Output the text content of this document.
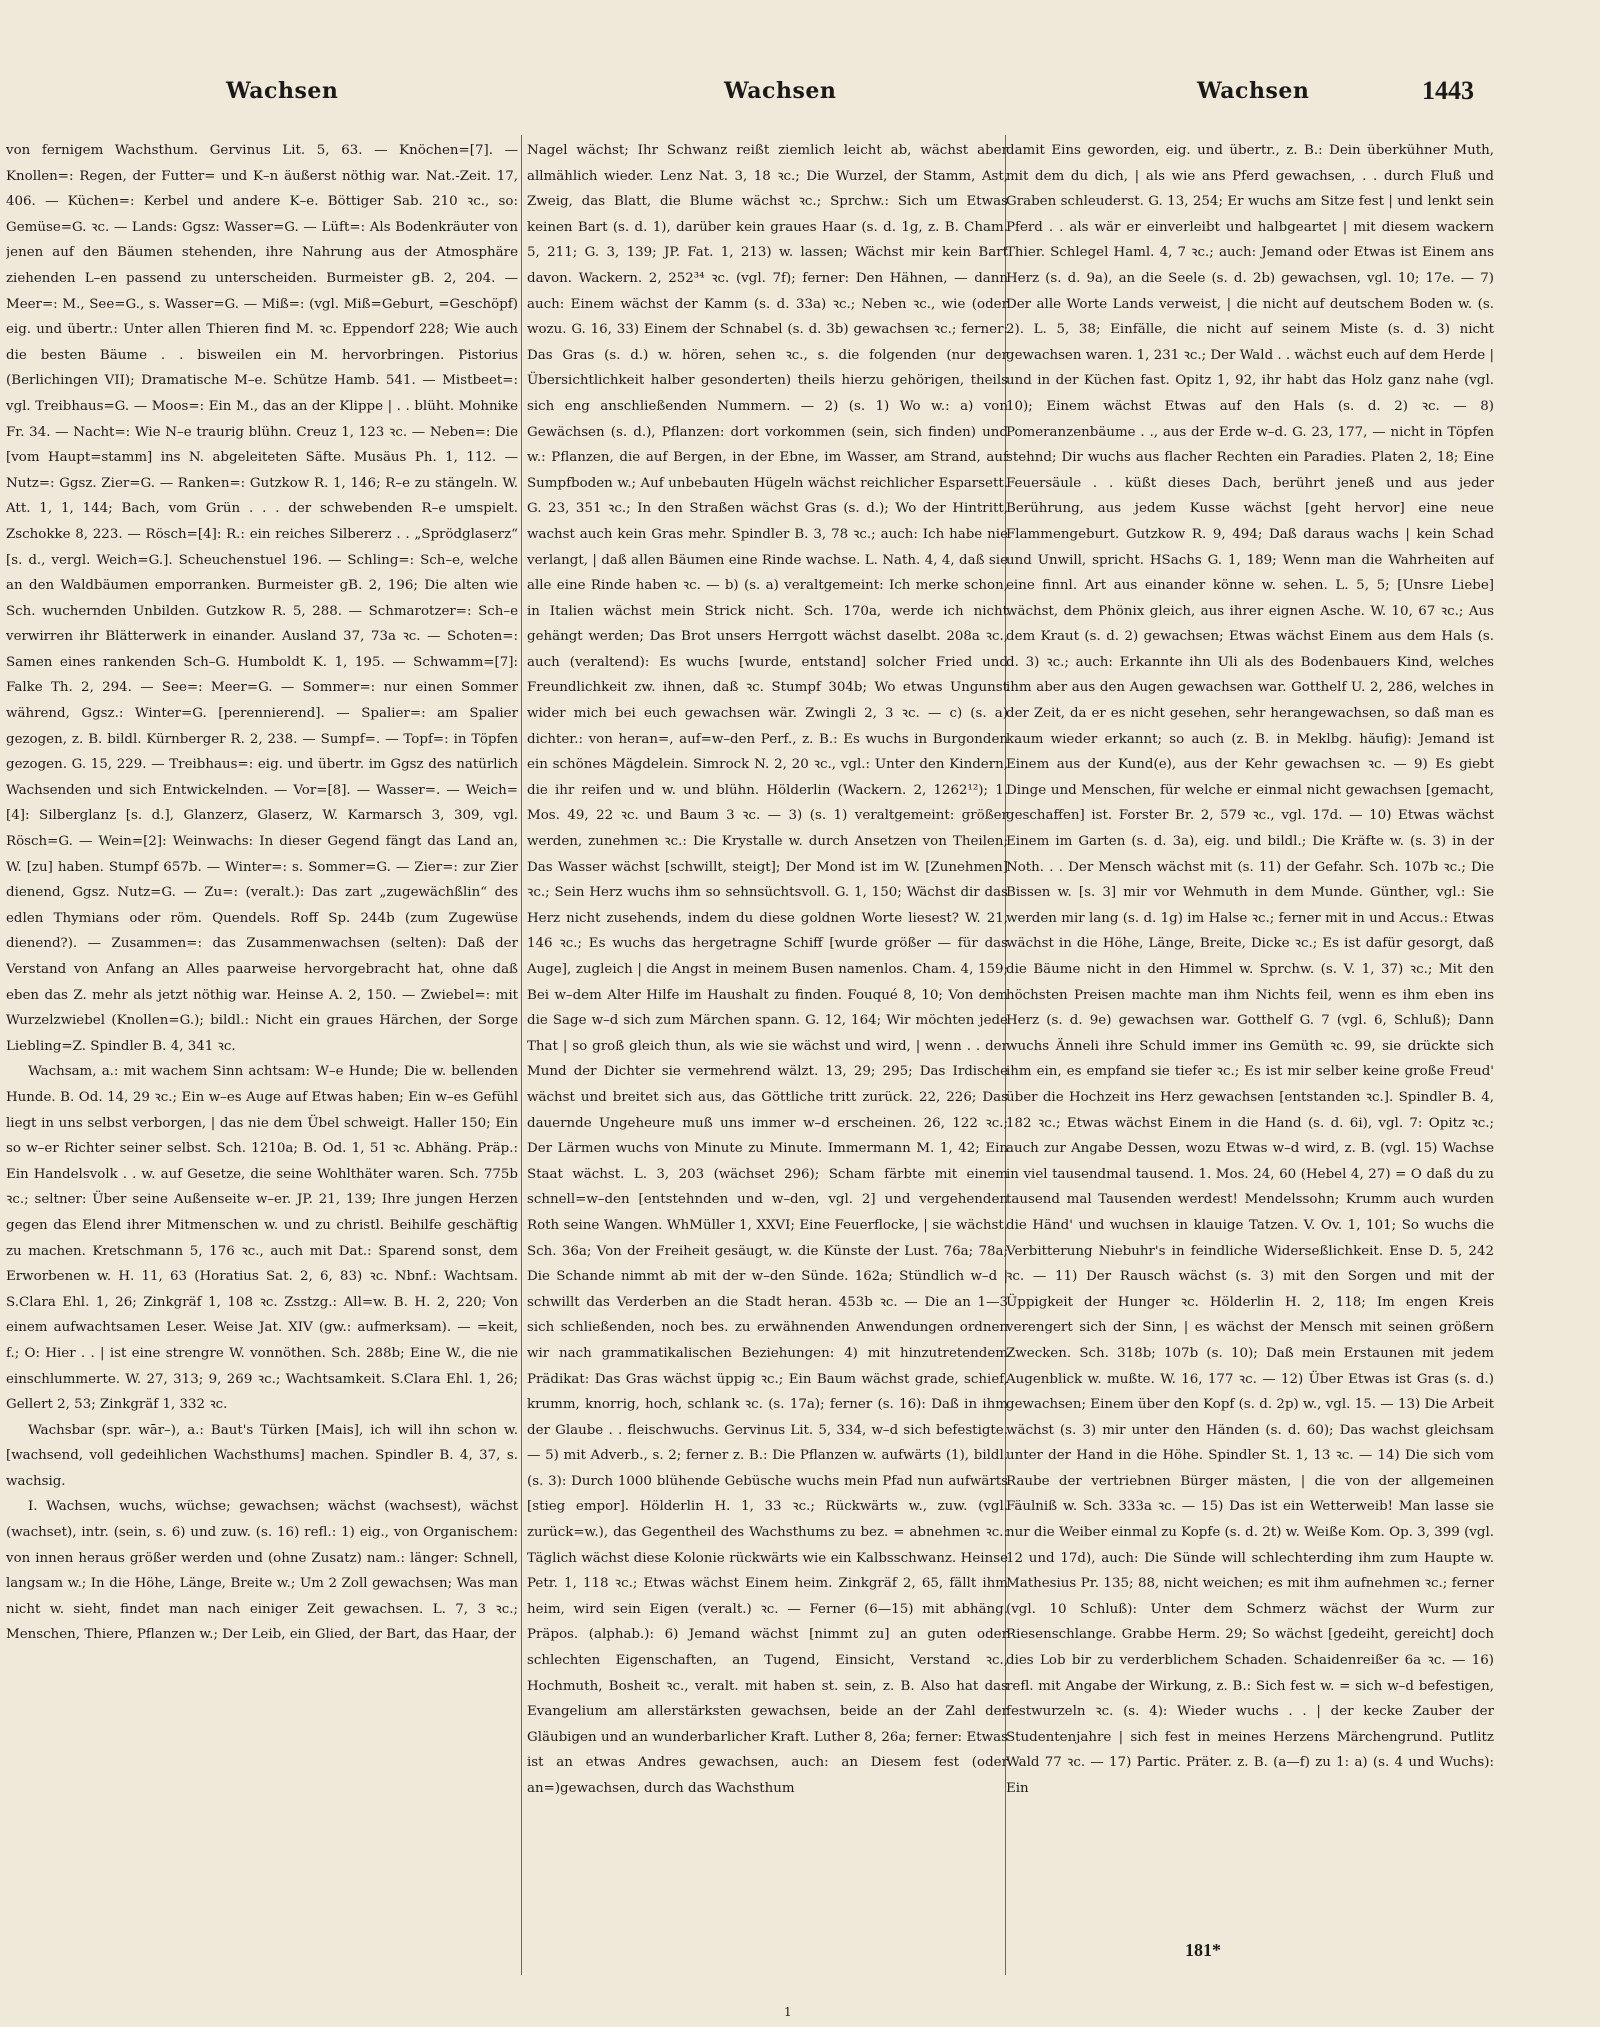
Wachsen	Wachsen	Wachsen	1443

von fernigem Wachsthum. Gervinus Lit. 5, 63. — Knöchen=[7]. — Knollen=: Regen, der Futter= und K–n äußerst nöthig war. Nat.-Zeit. 17, 406. — Küchen=: Kerbel und andere K–e. Böttiger Sab. 210 ꝛc., so: Gemüse=G. ꝛc. — Lands: Ggsz: Wasser=G. — Lüft=: Als Bodenkräuter von jenen auf den Bäumen stehenden, ihre Nahrung aus der Atmosphäre ziehenden L–en passend zu unterscheiden. Burmeister gB. 2, 204. — Meer=: M., See=G., s. Wasser=G. — Miß=: (vgl. Miß=Geburt, =Geschöpf) eig. und übertr.: Unter allen Thieren find M. ꝛc. Eppendorf 228; Wie auch die besten Bäume . . bisweilen ein M. hervorbringen. Pistorius (Berlichingen VII); Dramatische M–e. Schütze Hamb. 541. — Mistbeet=: vgl. Treibhaus=G. — Moos=: Ein M., das an der Klippe | . . blüht. Mohnike Fr. 34. — Nacht=: Wie N–e traurig blühn. Creuz 1, 123 ꝛc. — Neben=: Die [vom Haupt=stamm] ins N. abgeleiteten Säfte. Musäus Ph. 1, 112. — Nutz=: Ggsz. Zier=G. — Ranken=: Gutzkow R. 1, 146; R–e zu stängeln. W. Att. 1, 1, 144; Bach, vom Grün . . . der schwebenden R–e umspielt. Zschokke 8, 223. — Rösch=[4]: R.: ein reiches Silbererz . . „Sprödglaserz“ [s. d., vergl. Weich=G.]. Scheuchenstuel 196. — Schling=: Sch–e, welche an den Waldbäumen emporranken. Burmeister gB. 2, 196; Die alten wie Sch. wuchernden Unbilden. Gutzkow R. 5, 288. — Schmarotzer=: Sch–e verwirren ihr Blätterwerk in einander. Ausland 37, 73a ꝛc. — Schoten=: Samen eines rankenden Sch–G. Humboldt K. 1, 195. — Schwamm=[7]: Falke Th. 2, 294. — See=: Meer=G. — Sommer=: nur einen Sommer während, Ggsz.: Winter=G. [perennierend]. — Spalier=: am Spalier gezogen, z. B. bildl. Kürnberger R. 2, 238. — Sumpf=. — Topf=: in Töpfen gezogen. G. 15, 229. — Treibhaus=: eig. und übertr. im Ggsz des natürlich Wachsenden und sich Entwickelnden. — Vor=[8]. — Wasser=. — Weich=[4]: Silberglanz [s. d.], Glanzerz, Glaserz, W. Karmarsch 3, 309, vgl. Rösch=G. — Wein=[2]: Weinwachs: In dieser Gegend fängt das Land an, W. [zu] haben. Stumpf 657b. — Winter=: s. Sommer=G. — Zier=: zur Zier dienend, Ggsz. Nutz=G. — Zu=: (veralt.): Das zart „zugewächßlin“ des edlen Thymians oder röm. Quendels. Roff Sp. 244b (zum Zugewüse dienend?). — Zusammen=: das Zusammenwachsen (selten): Daß der Verstand von Anfang an Alles paarweise hervorgebracht hat, ohne daß eben das Z. mehr als jetzt nöthig war. Heinse A. 2, 150. — Zwiebel=: mit Wurzelzwiebel (Knollen=G.); bildl.: Nicht ein graues Härchen, der Sorge Liebling=Z. Spindler B. 4, 341 ꝛc.

Wachsam, a.: mit wachem Sinn achtsam: W–e Hunde; Die w. bellenden Hunde. B. Od. 14, 29 ꝛc.; Ein w–es Auge auf Etwas haben; Ein w–es Gefühl liegt in uns selbst verborgen, | das nie dem Übel schweigt. Haller 150; Ein so w–er Richter seiner selbst. Sch. 1210a; B. Od. 1, 51 ꝛc. Abhäng. Präp.: Ein Handelsvolk . . w. auf Gesetze, die seine Wohlthäter waren. Sch. 775b ꝛc.; seltner: Über seine Außenseite w–er. JP. 21, 139; Ihre jungen Herzen gegen das Elend ihrer Mitmenschen w. und zu christl. Beihilfe geschäftig zu machen. Kretschmann 5, 176 ꝛc., auch mit Dat.: Sparend sonst, dem Erworbenen w. H. 11, 63 (Horatius Sat. 2, 6, 83) ꝛc. Nbnf.: Wachtsam. S.Clara Ehl. 1, 26; Zinkgräf 1, 108 ꝛc. Zsstzg.: All=w. B. H. 2, 220; Von einem aufwachtsamen Leser. Weise Jat. XIV (gw.: aufmerksam). — =keit, f.; O: Hier . . | ist eine strengre W. vonnöthen. Sch. 288b; Eine W., die nie einschlummerte. W. 27, 313; 9, 269 ꝛc.; Wachtsamkeit. S.Clara Ehl. 1, 26; Gellert 2, 53; Zinkgräf 1, 332 ꝛc.

Wachsbar (spr. wār–), a.: Baut's Türken [Mais], ich will ihn schon w. [wachsend, voll gedeihlichen Wachsthums] machen. Spindler B. 4, 37, s. wachsig.

I. Wachsen, wuchs, wüchse; gewachsen; wächst (wachsest), wächst (wachset), intr. (sein, s. 6) und zuw. (s. 16) refl.: 1) eig., von Organischem: von innen heraus größer werden und (ohne Zusatz) nam.: länger: Schnell, langsam w.; In die Höhe, Länge, Breite w.; Um 2 Zoll gewachsen; Was man nicht w. sieht, findet man nach einiger Zeit gewachsen. L. 7, 3 ꝛc.; Menschen, Thiere, Pflanzen w.; Der Leib, ein Glied, der Bart, das Haar, der

Nagel wächst; Ihr Schwanz reißt ziemlich leicht ab, wächst aber allmählich wieder. Lenz Nat. 3, 18 ꝛc.; Die Wurzel, der Stamm, Ast, Zweig, das Blatt, die Blume wächst ꝛc.; Sprchw.: Sich um Etwas keinen Bart (s. d. 1), darüber kein graues Haar (s. d. 1g, z. B. Cham. 5, 211; G. 3, 139; JP. Fat. 1, 213) w. lassen; Wächst mir kein Bart davon. Wackern. 2, 252³⁴ ꝛc. (vgl. 7f); ferner: Den Hähnen, — dann auch: Einem wächst der Kamm (s. d. 33a) ꝛc.; Neben ꝛc., wie (oder wozu. G. 16, 33) Einem der Schnabel (s. d. 3b) gewachsen ꝛc.; ferner: Das Gras (s. d.) w. hören, sehen ꝛc., s. die folgenden (nur der Übersichtlichkeit halber gesonderten) theils hierzu gehörigen, theils sich eng anschließenden Nummern. — 2) (s. 1) Wo w.: a) von Gewächsen (s. d.), Pflanzen: dort vorkommen (sein, sich finden) und w.: Pflanzen, die auf Bergen, in der Ebne, im Wasser, am Strand, auf Sumpfboden w.; Auf unbebauten Hügeln wächst reichlicher Esparsett. G. 23, 351 ꝛc.; In den Straßen wächst Gras (s. d.); Wo der Hintritt, wachst auch kein Gras mehr. Spindler B. 3, 78 ꝛc.; auch: Ich habe nie verlangt, | daß allen Bäumen eine Rinde wachse. L. Nath. 4, 4, daß sie alle eine Rinde haben ꝛc. — b) (s. a) veraltgemeint: Ich merke schon, in Italien wächst mein Strick nicht. Sch. 170a, werde ich nicht gehängt werden; Das Brot unsers Herrgott wächst daselbt. 208a ꝛc., auch (veraltend): Es wuchs [wurde, entstand] solcher Fried und Freundlichkeit zw. ihnen, daß ꝛc. Stumpf 304b; Wo etwas Ungunst wider mich bei euch gewachsen wär. Zwingli 2, 3 ꝛc. — c) (s. a) dichter.: von heran=, auf=w–den Perf., z. B.: Es wuchs in Burgonden ein schönes Mägdelein. Simrock N. 2, 20 ꝛc., vgl.: Unter den Kindern, die ihr reifen und w. und blühn. Hölderlin (Wackern. 2, 1262¹²); 1. Mos. 49, 22 ꝛc. und Baum 3 ꝛc. — 3) (s. 1) veraltgemeint: größer werden, zunehmen ꝛc.: Die Krystalle w. durch Ansetzen von Theilen; Das Wasser wächst [schwillt, steigt]; Der Mond ist im W. [Zunehmen] ꝛc.; Sein Herz wuchs ihm so sehnsüchtsvoll. G. 1, 150; Wächst dir das Herz nicht zusehends, indem du diese goldnen Worte liesest? W. 21, 146 ꝛc.; Es wuchs das hergetragne Schiff [wurde größer — für das Auge], zugleich | die Angst in meinem Busen namenlos. Cham. 4, 159; Bei w–dem Alter Hilfe im Haushalt zu finden. Fouqué 8, 10; Von dem die Sage w–d sich zum Märchen spann. G. 12, 164; Wir möchten jede That | so groß gleich thun, als wie sie wächst und wird, | wenn . . der Mund der Dichter sie vermehrend wälzt. 13, 29; 295; Das Irdische wächst und breitet sich aus, das Göttliche tritt zurück. 22, 226; Das dauernde Ungeheure muß uns immer w–d erscheinen. 26, 122 ꝛc.; Der Lärmen wuchs von Minute zu Minute. Immermann M. 1, 42; Ein Staat wächst. L. 3, 203 (wächset 296); Scham färbte mit einem schnell=w–den [entstehnden und w–den, vgl. 2] und vergehenden Roth seine Wangen. WhMüller 1, XXVI; Eine Feuerflocke, | sie wächst. Sch. 36a; Von der Freiheit gesäugt, w. die Künste der Lust. 76a; 78a; Die Schande nimmt ab mit der w–den Sünde. 162a; Stündlich w–d | schwillt das Verderben an die Stadt heran. 453b ꝛc. — Die an 1—3 sich schließenden, noch bes. zu erwähnenden Anwendungen ordnen wir nach grammatikalischen Beziehungen: 4) mit hinzutretendem Prädikat: Das Gras wächst üppig ꝛc.; Ein Baum wächst grade, schief, krumm, knorrig, hoch, schlank ꝛc. (s. 17a); ferner (s. 16): Daß in ihm der Glaube . . fleischwuchs. Gervinus Lit. 5, 334, w–d sich befestigte. — 5) mit Adverb., s. 2; ferner z. B.: Die Pflanzen w. aufwärts (1), bildl. (s. 3): Durch 1000 blühende Gebüsche wuchs mein Pfad nun aufwärts [stieg empor]. Hölderlin H. 1, 33 ꝛc.; Rückwärts w., zuw. (vgl. zurück=w.), das Gegentheil des Wachsthums zu bez. = abnehmen ꝛc.: Täglich wächst diese Kolonie rückwärts wie ein Kalbsschwanz. Heinse Petr. 1, 118 ꝛc.; Etwas wächst Einem heim. Zinkgräf 2, 65, fällt ihm heim, wird sein Eigen (veralt.) ꝛc. — Ferner (6—15) mit abhäng. Präpos. (alphab.): 6) Jemand wächst [nimmt zu] an guten oder schlechten Eigenschaften, an Tugend, Einsicht, Verstand ꝛc., Hochmuth, Bosheit ꝛc., veralt. mit haben st. sein, z. B. Also hat das Evangelium am allerstärksten gewachsen, beide an der Zahl der Gläubigen und an wunderbarlicher Kraft. Luther 8, 26a; ferner: Etwas ist an etwas Andres gewachsen, auch: an Diesem fest (oder an=)gewachsen, durch das Wachsthum

damit Eins geworden, eig. und übertr., z. B.: Dein überkühner Muth, mit dem du dich, | als wie ans Pferd gewachsen, . . durch Fluß und Graben schleuderst. G. 13, 254; Er wuchs am Sitze fest | und lenkt sein Pferd . . als wär er einverleibt und halbgeartet | mit diesem wackern Thier. Schlegel Haml. 4, 7 ꝛc.; auch: Jemand oder Etwas ist Einem ans Herz (s. d. 9a), an die Seele (s. d. 2b) gewachsen, vgl. 10; 17e. — 7) Der alle Worte Lands verweist, | die nicht auf deutschem Boden w. (s. 2). L. 5, 38; Einfälle, die nicht auf seinem Miste (s. d. 3) nicht gewachsen waren. 1, 231 ꝛc.; Der Wald . . wächst euch auf dem Herde | und in der Küchen fast. Opitz 1, 92, ihr habt das Holz ganz nahe (vgl. 10); Einem wächst Etwas auf den Hals (s. d. 2) ꝛc. — 8) Pomeranzenbäume . ., aus der Erde w–d. G. 23, 177, — nicht in Töpfen stehnd; Dir wuchs aus flacher Rechten ein Paradies. Platen 2, 18; Eine Feuersäule . . küßt dieses Dach, berührt jeneß und aus jeder Berührung, aus jedem Kusse wächst [geht hervor] eine neue Flammengeburt. Gutzkow R. 9, 494; Daß daraus wachs | kein Schad und Unwill, spricht. HSachs G. 1, 189; Wenn man die Wahrheiten auf eine finnl. Art aus einander könne w. sehen. L. 5, 5; [Unsre Liebe] wächst, dem Phönix gleich, aus ihrer eignen Asche. W. 10, 67 ꝛc.; Aus dem Kraut (s. d. 2) gewachsen; Etwas wächst Einem aus dem Hals (s. d. 3) ꝛc.; auch: Erkannte ihn Uli als des Bodenbauers Kind, welches ihm aber aus den Augen gewachsen war. Gotthelf U. 2, 286, welches in der Zeit, da er es nicht gesehen, sehr herangewachsen, so daß man es kaum wieder erkannt; so auch (z. B. in Meklbg. häufig): Jemand ist Einem aus der Kund(e), aus der Kehr gewachsen ꝛc. — 9) Es giebt Dinge und Menschen, für welche er einmal nicht gewachsen [gemacht, geschaffen] ist. Forster Br. 2, 579 ꝛc., vgl. 17d. — 10) Etwas wächst Einem im Garten (s. d. 3a), eig. und bildl.; Die Kräfte w. (s. 3) in der Noth. . . Der Mensch wächst mit (s. 11) der Gefahr. Sch. 107b ꝛc.; Die Bissen w. [s. 3] mir vor Wehmuth in dem Munde. Günther, vgl.: Sie werden mir lang (s. d. 1g) im Halse ꝛc.; ferner mit in und Accus.: Etwas wächst in die Höhe, Länge, Breite, Dicke ꝛc.; Es ist dafür gesorgt, daß die Bäume nicht in den Himmel w. Sprchw. (s. V. 1, 37) ꝛc.; Mit den höchsten Preisen machte man ihm Nichts feil, wenn es ihm eben ins Herz (s. d. 9e) gewachsen war. Gotthelf G. 7 (vgl. 6, Schluß); Dann wuchs Änneli ihre Schuld immer ins Gemüth ꝛc. 99, sie drückte sich ihm ein, es empfand sie tiefer ꝛc.; Es ist mir selber keine große Freud' über die Hochzeit ins Herz gewachsen [entstanden ꝛc.]. Spindler B. 4, 182 ꝛc.; Etwas wächst Einem in die Hand (s. d. 6i), vgl. 7: Opitz ꝛc.; auch zur Angabe Dessen, wozu Etwas w–d wird, z. B. (vgl. 15) Wachse in viel tausendmal tausend. 1. Mos. 24, 60 (Hebel 4, 27) = O daß du zu tausend mal Tausenden werdest! Mendelssohn; Krumm auch wurden die Händ' und wuchsen in klauige Tatzen. V. Ov. 1, 101; So wuchs die Verbitterung Niebuhr's in feindliche Widerseßlichkeit. Ense D. 5, 242 ꝛc. — 11) Der Rausch wächst (s. 3) mit den Sorgen und mit der Üppigkeit der Hunger ꝛc. Hölderlin H. 2, 118; Im engen Kreis verengert sich der Sinn, | es wächst der Mensch mit seinen größern Zwecken. Sch. 318b; 107b (s. 10); Daß mein Erstaunen mit jedem Augenblick w. mußte. W. 16, 177 ꝛc. — 12) Über Etwas ist Gras (s. d.) gewachsen; Einem über den Kopf (s. d. 2p) w., vgl. 15. — 13) Die Arbeit wächst (s. 3) mir unter den Händen (s. d. 60); Das wachst gleichsam unter der Hand in die Höhe. Spindler St. 1, 13 ꝛc. — 14) Die sich vom Raube der vertriebnen Bürger mästen, | die von der allgemeinen Fäulniß w. Sch. 333a ꝛc. — 15) Das ist ein Wetterweib! Man lasse sie nur die Weiber einmal zu Kopfe (s. d. 2t) w. Weiße Kom. Op. 3, 399 (vgl. 12 und 17d), auch: Die Sünde will schlechterding ihm zum Haupte w. Mathesius Pr. 135; 88, nicht weichen; es mit ihm aufnehmen ꝛc.; ferner (vgl. 10 Schluß): Unter dem Schmerz wächst der Wurm zur Riesenschlange. Grabbe Herm. 29; So wächst [gedeiht, gereicht] doch dies Lob bir zu verderblichem Schaden. Schaidenreißer 6a ꝛc. — 16) refl. mit Angabe der Wirkung, z. B.: Sich fest w. = sich w–d befestigen, festwurzeln ꝛc. (s. 4): Wieder wuchs . . | der kecke Zauber der Studentenjahre | sich fest in meines Herzens Märchengrund. Putlitz Wald 77 ꝛc. — 17) Partic. Präter. z. B. (a—f) zu 1: a) (s. 4 und Wuchs): Ein

181*
1
